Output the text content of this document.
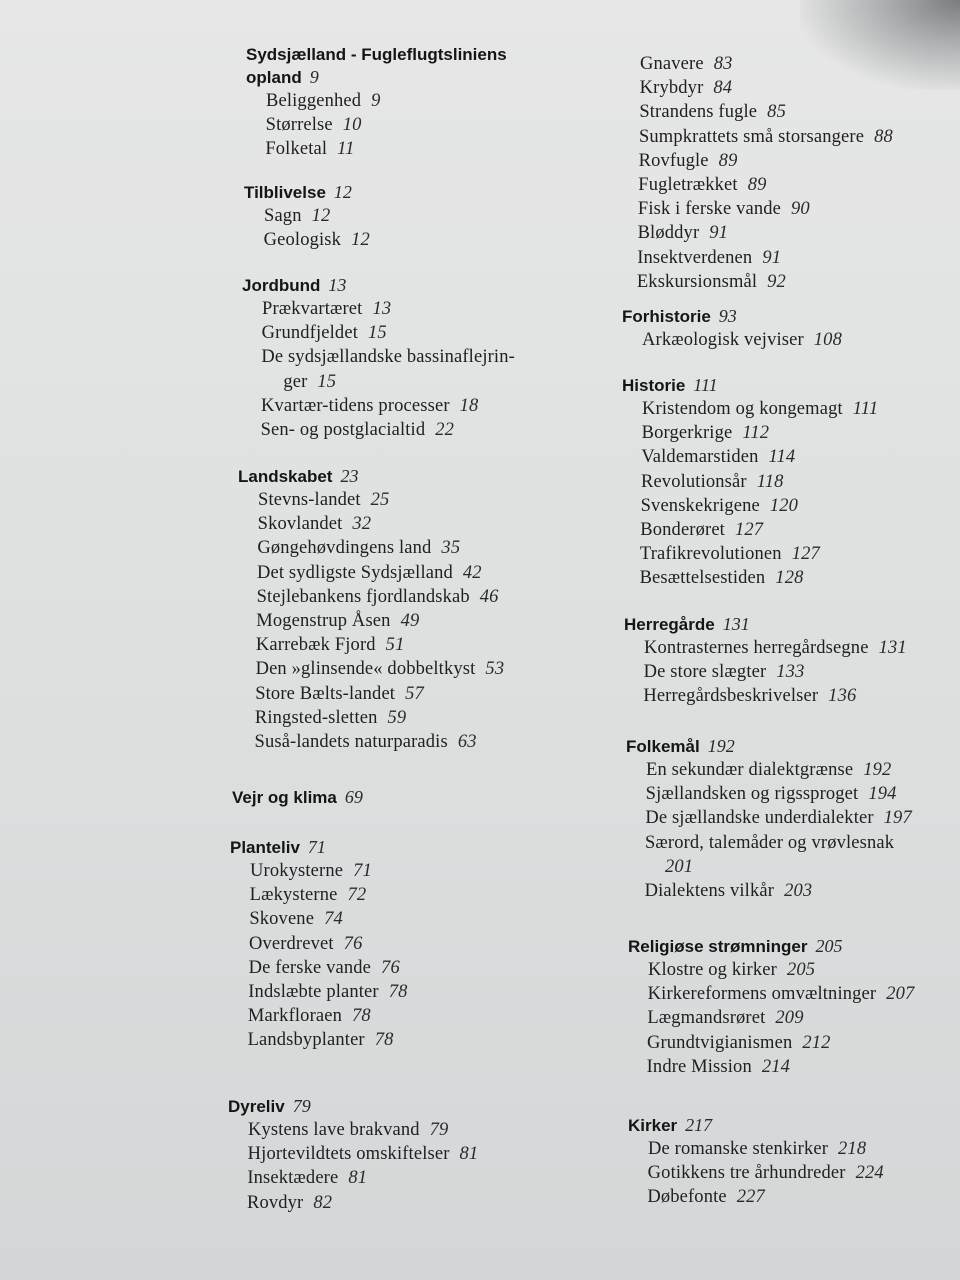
Sydsjælland - Fugleflugtsliniens
opland 9
Beliggenhed 9
Størrelse 10
Folketal 11
Tilblivelse 12
Sagn 12
Geologisk 12
Jordbund 13
Prækvartæret 13
Grundfjeldet 15
De sydsjællandske bassinaflejrin-
ger 15
Kvartær-tidens processer 18
Sen- og postglacialtid 22
Landskabet 23
Stevns-landet 25
Skovlandet 32
Gøngehøvdingens land 35
Det sydligste Sydsjælland 42
Stejlebankens fjordlandskab 46
Mogenstrup Åsen 49
Karrebæk Fjord 51
Den »glinsende« dobbeltkyst 53
Store Bælts-landet 57
Ringsted-sletten 59
Suså-landets naturparadis 63
Vejr og klima 69
Planteliv 71
Urokysterne 71
Lækysterne 72
Skovene 74
Overdrevet 76
De ferske vande 76
Indslæbte planter 78
Markfloraen 78
Landsbyplanter 78
Dyreliv 79
Kystens lave brakvand 79
Hjortevildtets omskiftelser 81
Insektædere 81
Rovdyr 82
Gnavere 83
Krybdyr 84
Strandens fugle 85
Sumpkrattets små storsangere 88
Rovfugle 89
Fugletrækket 89
Fisk i ferske vande 90
Bløddyr 91
Insektverdenen 91
Ekskursionsmål 92
Forhistorie 93
Arkæologisk vejviser 108
Historie 111
Kristendom og kongemagt 111
Borgerkrige 112
Valdemarstiden 114
Revolutionsår 118
Svenskekrigene 120
Bonderøret 127
Trafikrevolutionen 127
Besættelsestiden 128
Herregårde 131
Kontrasternes herregårdsegne 131
De store slægter 133
Herregårdsbeskrivelser 136
Folkemål 192
En sekundær dialektgrænse 192
Sjællandsken og rigssproget 194
De sjællandske underdialekter 197
Særord, talemåder og vrøvlesnak
201
Dialektens vilkår 203
Religiøse strømninger 205
Klostre og kirker 205
Kirkereformens omvæltninger 207
Lægmandsrøret 209
Grundtvigianismen 212
Indre Mission 214
Kirker 217
De romanske stenkirker 218
Gotikkens tre århundreder 224
Døbefonte 227
